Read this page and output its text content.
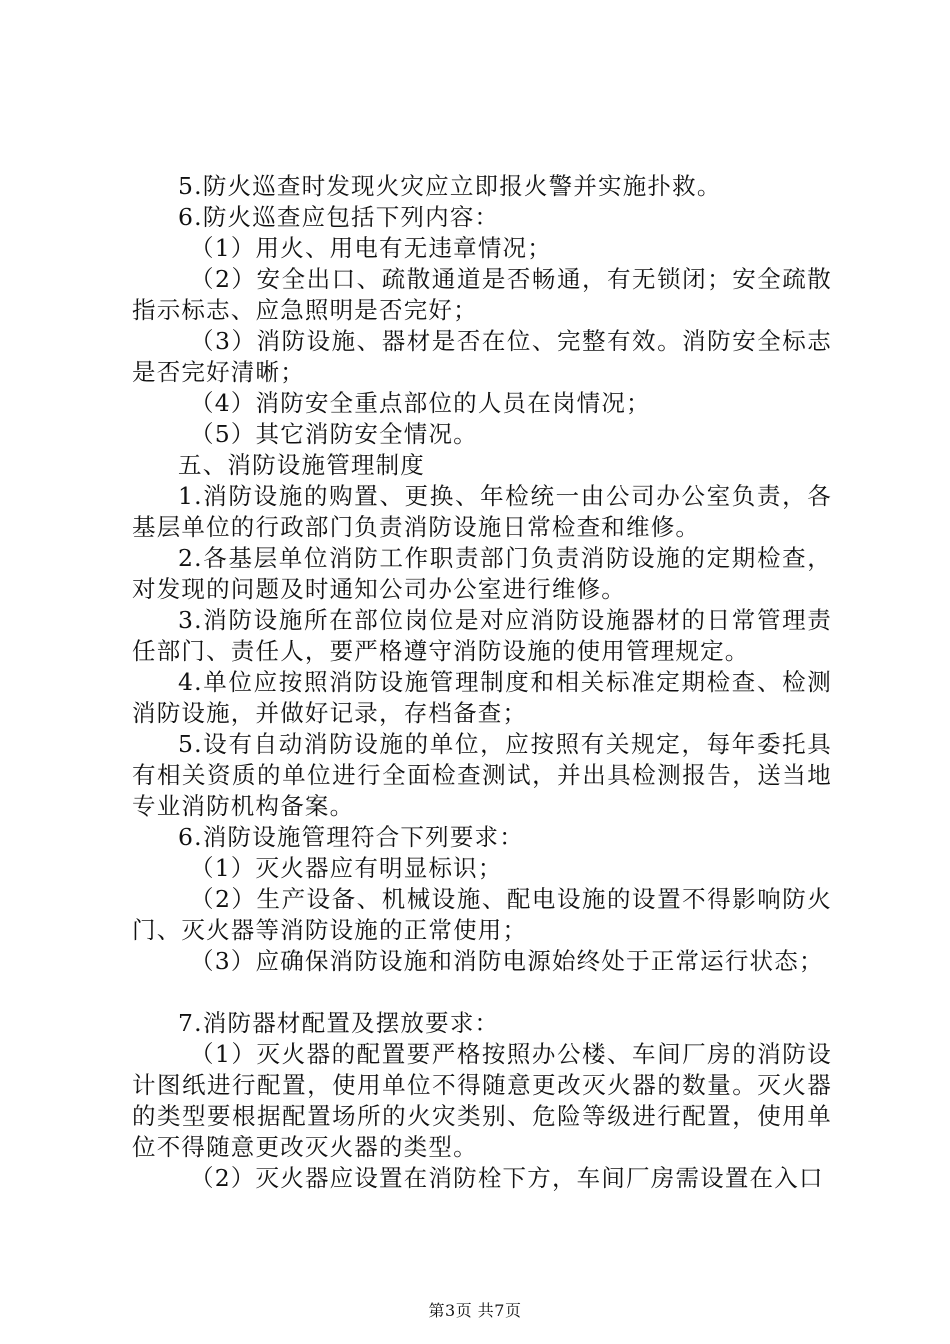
5.防火巡查时发现火灾应立即报火警并实施扑救。

6.防火巡查应包括下列内容：

（1）用火、用电有无违章情况；

（2）安全出口、疏散通道是否畅通，有无锁闭；安全疏散指示标志、应急照明是否完好；

（3）消防设施、器材是否在位、完整有效。消防安全标志是否完好清晰；

（4）消防安全重点部位的人员在岗情况；

（5）其它消防安全情况。

五、消防设施管理制度

1.消防设施的购置、更换、年检统一由公司办公室负责，各基层单位的行政部门负责消防设施日常检查和维修。

2.各基层单位消防工作职责部门负责消防设施的定期检查，对发现的问题及时通知公司办公室进行维修。

3.消防设施所在部位岗位是对应消防设施器材的日常管理责任部门、责任人，要严格遵守消防设施的使用管理规定。

4.单位应按照消防设施管理制度和相关标准定期检查、检测消防设施，并做好记录，存档备查；

5.设有自动消防设施的单位，应按照有关规定，每年委托具有相关资质的单位进行全面检查测试，并出具检测报告，送当地专业消防机构备案。

6.消防设施管理符合下列要求：

（1）灭火器应有明显标识；

（2）生产设备、机械设施、配电设施的设置不得影响防火门、灭火器等消防设施的正常使用；

（3）应确保消防设施和消防电源始终处于正常运行状态；

7.消防器材配置及摆放要求：

（1）灭火器的配置要严格按照办公楼、车间厂房的消防设计图纸进行配置，使用单位不得随意更改灭火器的数量。灭火器的类型要根据配置场所的火灾类别、危险等级进行配置，使用单位不得随意更改灭火器的类型。

（2）灭火器应设置在消防栓下方，车间厂房需设置在入口

第3页 共7页
